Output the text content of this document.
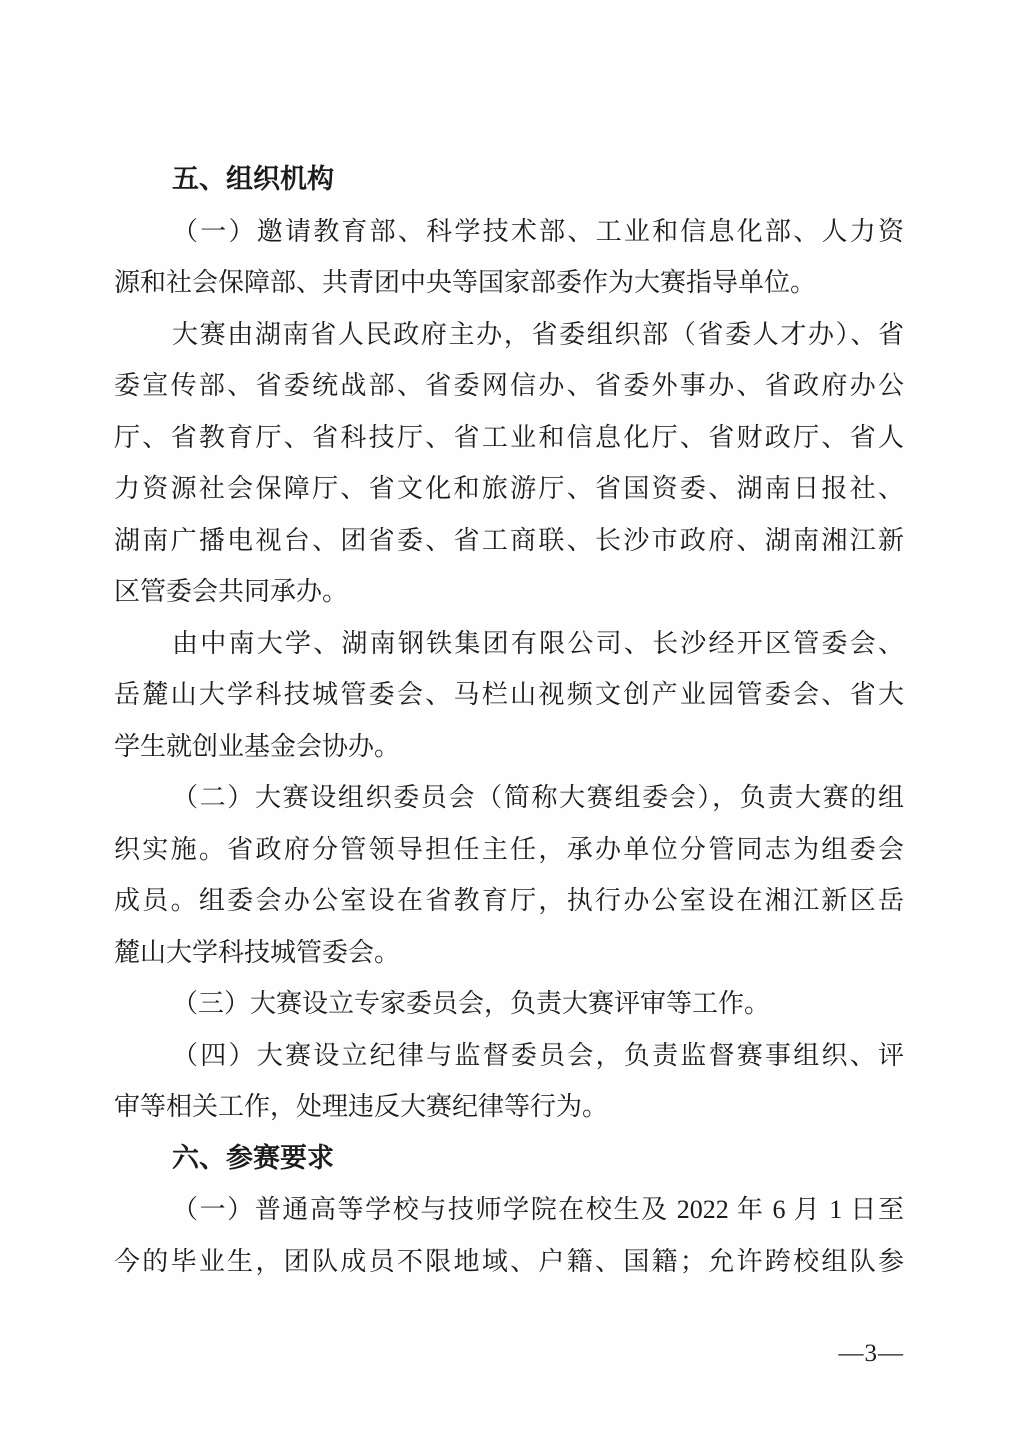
五、组织机构
（一）邀请教育部、科学技术部、工业和信息化部、人力资
源和社会保障部、共青团中央等国家部委作为大赛指导单位。
大赛由湖南省人民政府主办，省委组织部（省委人才办）、省
委宣传部、省委统战部、省委网信办、省委外事办、省政府办公
厅、省教育厅、省科技厅、省工业和信息化厅、省财政厅、省人
力资源社会保障厅、省文化和旅游厅、省国资委、湖南日报社、
湖南广播电视台、团省委、省工商联、长沙市政府、湖南湘江新
区管委会共同承办。
由中南大学、湖南钢铁集团有限公司、长沙经开区管委会、
岳麓山大学科技城管委会、马栏山视频文创产业园管委会、省大
学生就创业基金会协办。
（二）大赛设组织委员会（简称大赛组委会），负责大赛的组
织实施。省政府分管领导担任主任，承办单位分管同志为组委会
成员。组委会办公室设在省教育厅，执行办公室设在湘江新区岳
麓山大学科技城管委会。
（三）大赛设立专家委员会，负责大赛评审等工作。
（四）大赛设立纪律与监督委员会，负责监督赛事组织、评
审等相关工作，处理违反大赛纪律等行为。
六、参赛要求
（一）普通高等学校与技师学院在校生及 2022 年 6 月 1 日至
今的毕业生，团队成员不限地域、户籍、国籍；允许跨校组队参
—3—
